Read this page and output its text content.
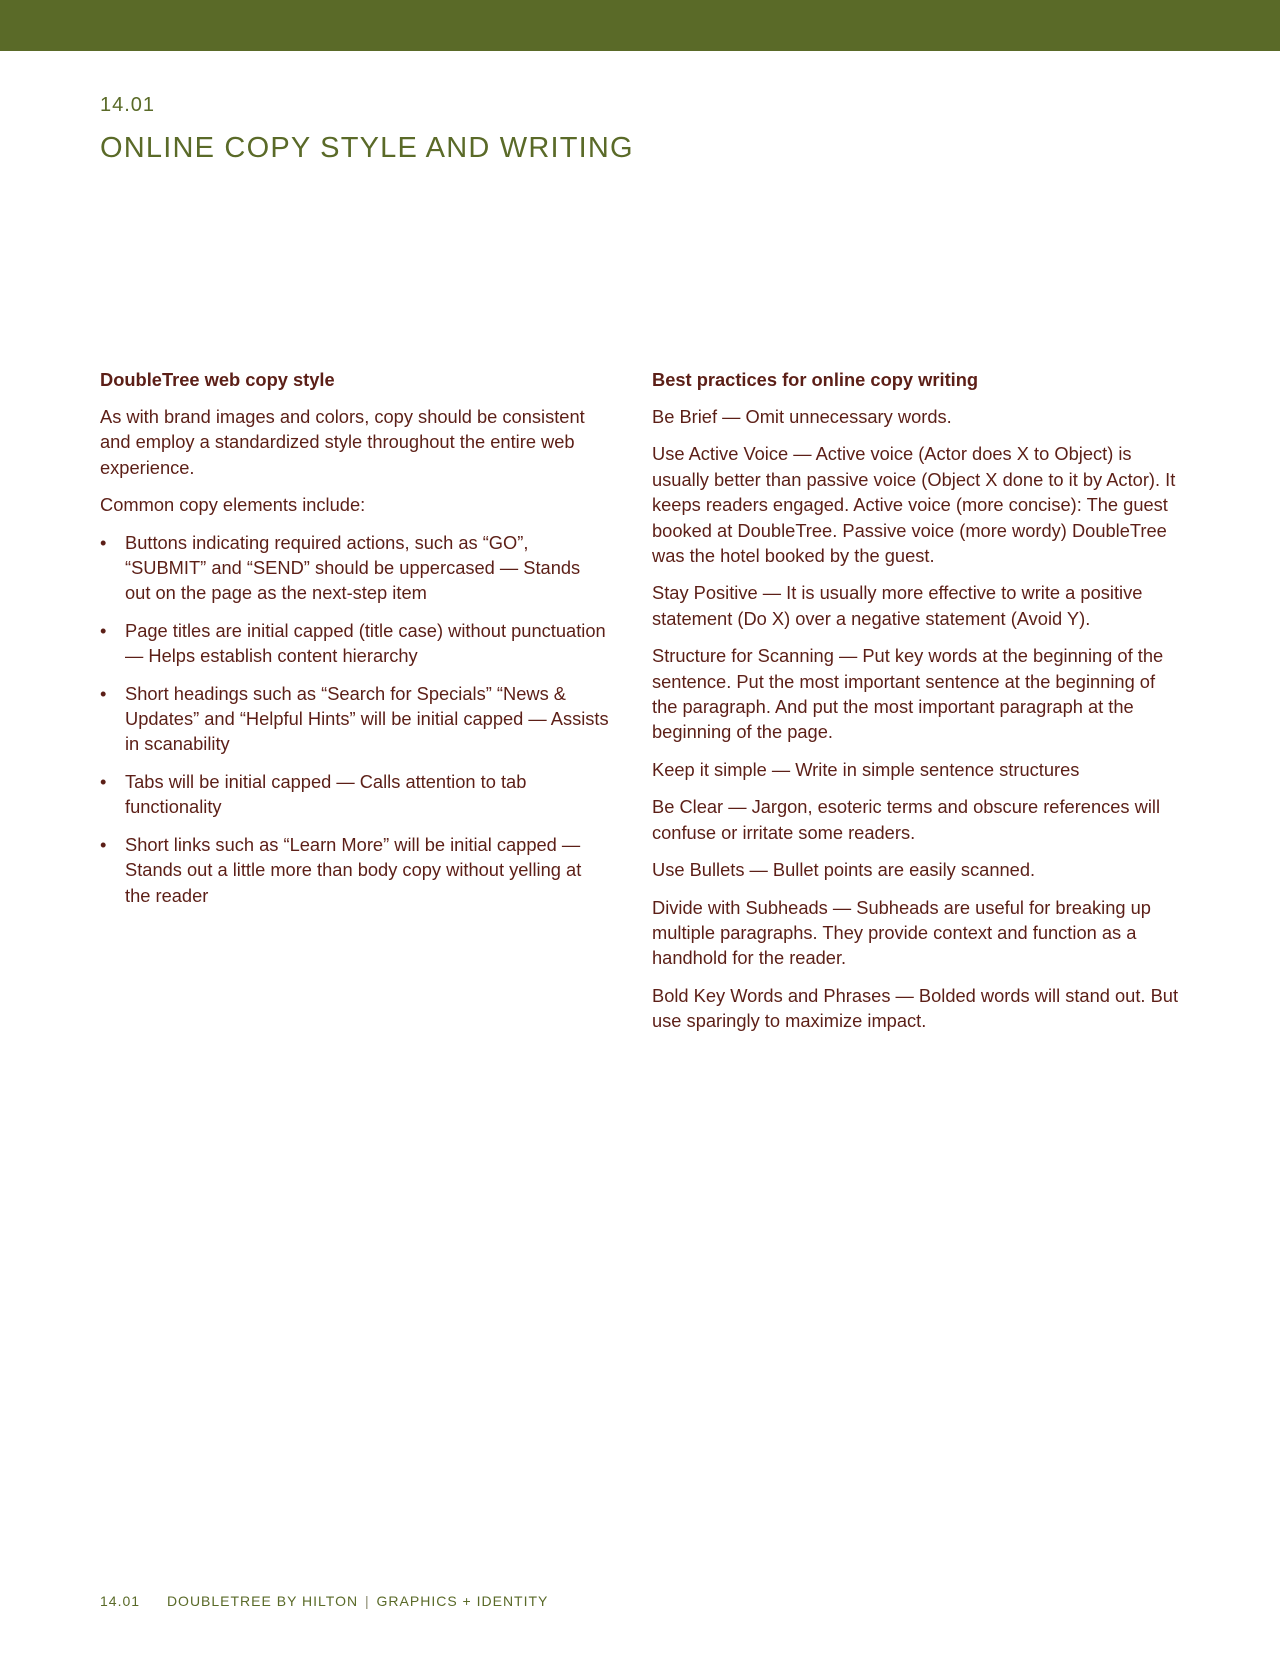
14.01
ONLINE COPY STYLE AND WRITING
DoubleTree web copy style

As with brand images and colors, copy should be consistent and employ a standardized style throughout the entire web experience.

Common copy elements include:

• Buttons indicating required actions, such as “GO”, “SUBMIT” and “SEND” should be uppercased — Stands out on the page as the next-step item
• Page titles are initial capped (title case) without punctuation — Helps establish content hierarchy
• Short headings such as “Search for Specials” “News & Updates” and “Helpful Hints” will be initial capped — Assists in scanability
• Tabs will be initial capped — Calls attention to tab functionality
• Short links such as “Learn More” will be initial capped — Stands out a little more than body copy without yelling at the reader
Best practices for online copy writing

Be Brief — Omit unnecessary words.

Use Active Voice — Active voice (Actor does X to Object) is usually better than passive voice (Object X done to it by Actor). It keeps readers engaged. Active voice (more concise): The guest booked at DoubleTree. Passive voice (more wordy) DoubleTree was the hotel booked by the guest.

Stay Positive — It is usually more effective to write a positive statement (Do X) over a negative statement (Avoid Y).

Structure for Scanning — Put key words at the beginning of the sentence. Put the most important sentence at the beginning of the paragraph. And put the most important paragraph at the beginning of the page.

Keep it simple — Write in simple sentence structures

Be Clear — Jargon, esoteric terms and obscure references will confuse or irritate some readers.

Use Bullets — Bullet points are easily scanned.

Divide with Subheads — Subheads are useful for breaking up multiple paragraphs. They provide context and function as a handhold for the reader.

Bold Key Words and Phrases — Bolded words will stand out. But use sparingly to maximize impact.

14.01 DOUBLETREE BY HILTON | GRAPHICS + IDENTITY
